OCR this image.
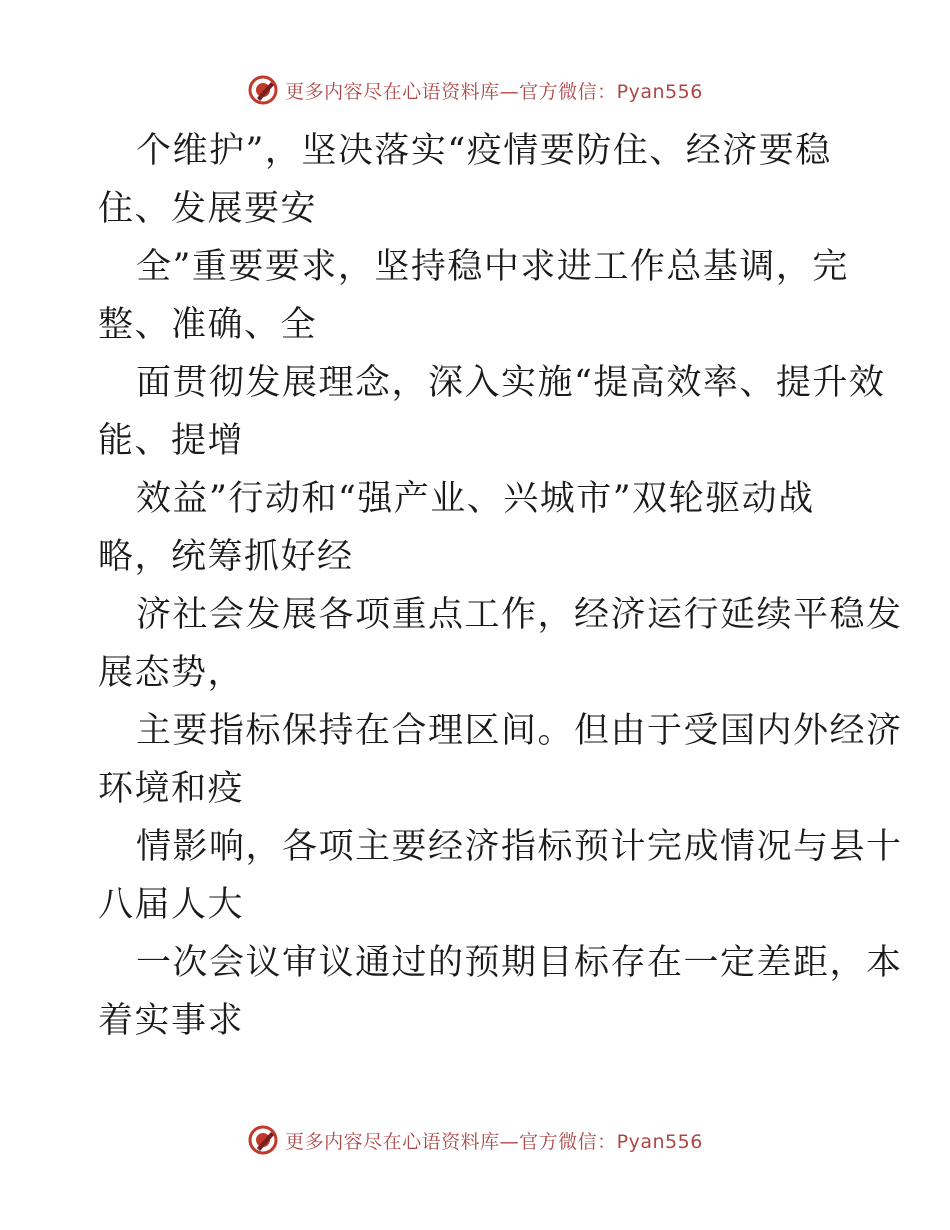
更多内容尽在心语资料库—官方微信：Pyan556
个维护”，坚决落实“疫情要防住、经济要稳
住、发展要安
全”重要要求，坚持稳中求进工作总基调，完
整、准确、全
面贯彻发展理念，深入实施“提高效率、提升效
能、提增
效益”行动和“强产业、兴城市”双轮驱动战
略，统筹抓好经
济社会发展各项重点工作，经济运行延续平稳发
展态势，
主要指标保持在合理区间。但由于受国内外经济
环境和疫
情影响，各项主要经济指标预计完成情况与县十
八届人大
一次会议审议通过的预期目标存在一定差距，本
着实事求
更多内容尽在心语资料库—官方微信：Pyan556
